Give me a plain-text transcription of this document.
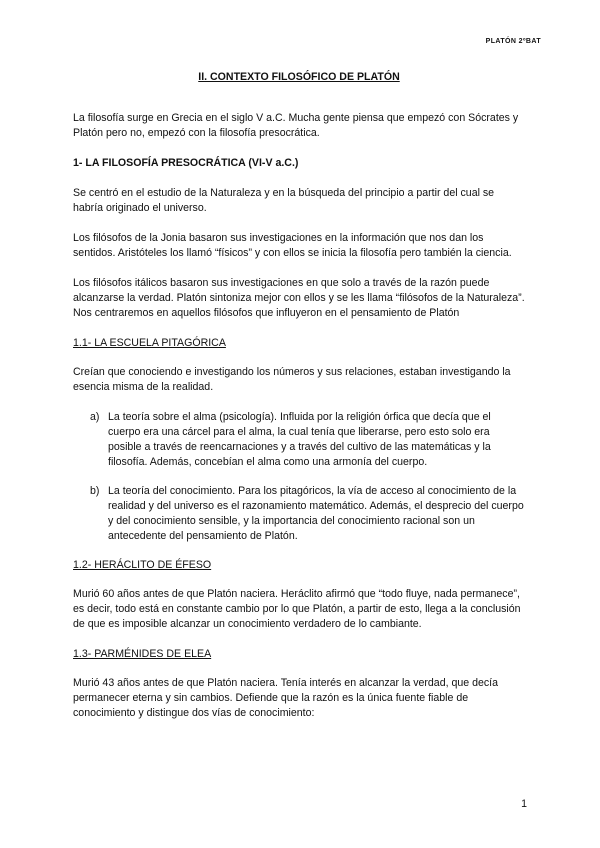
PLATÓN 2ºBAT
II. CONTEXTO FILOSÓFICO DE PLATÓN

La filosofía surge en Grecia en el siglo V a.C. Mucha gente piensa que empezó con Sócrates y Platón pero no, empezó con la filosofía presocrática.

1- LA FILOSOFÍA PRESOCRÁTICA (VI-V a.C.)

Se centró en el estudio de la Naturaleza y en la búsqueda del principio a partir del cual se habría originado el universo.

Los filósofos de la Jonia basaron sus investigaciones en la información que nos dan los sentidos. Aristóteles los llamó “físicos” y con ellos se inicia la filosofía pero también la ciencia.

Los filósofos itálicos basaron sus investigaciones en que solo a través de la razón puede alcanzarse la verdad. Platón sintoniza mejor con ellos y se les llama “filósofos de la Naturaleza”. Nos centraremos en aquellos filósofos que influyeron en el pensamiento de Platón

1.1- LA ESCUELA PITAGÓRICA

Creían que conociendo e investigando los números y sus relaciones, estaban investigando la esencia misma de la realidad.

a) La teoría sobre el alma (psicología). Influida por la religión órfica que decía que el cuerpo era una cárcel para el alma, la cual tenía que liberarse, pero esto solo era posible a través de reencarnaciones y a través del cultivo de las matemáticas y la filosofía. Además, concebían el alma como una armonía del cuerpo.
b) La teoría del conocimiento. Para los pitagóricos, la vía de acceso al conocimiento de la realidad y del universo es el razonamiento matemático. Además, el desprecio del cuerpo y del conocimiento sensible, y la importancia del conocimiento racional son un antecedente del pensamiento de Platón.
1.2- HERÁCLITO DE ÉFESO

Murió 60 años antes de que Platón naciera. Heráclito afirmó que “todo fluye, nada permanece”, es decir, todo está en constante cambio por lo que Platón, a partir de esto, llega a la conclusión de que es imposible alcanzar un conocimiento verdadero de lo cambiante.

1.3- PARMÉNIDES DE ELEA

Murió 43 años antes de que Platón naciera. Tenía interés en alcanzar la verdad, que decía permanecer eterna y sin cambios. Defiende que la razón es la única fuente fiable de conocimiento y distingue dos vías de conocimiento:

1
